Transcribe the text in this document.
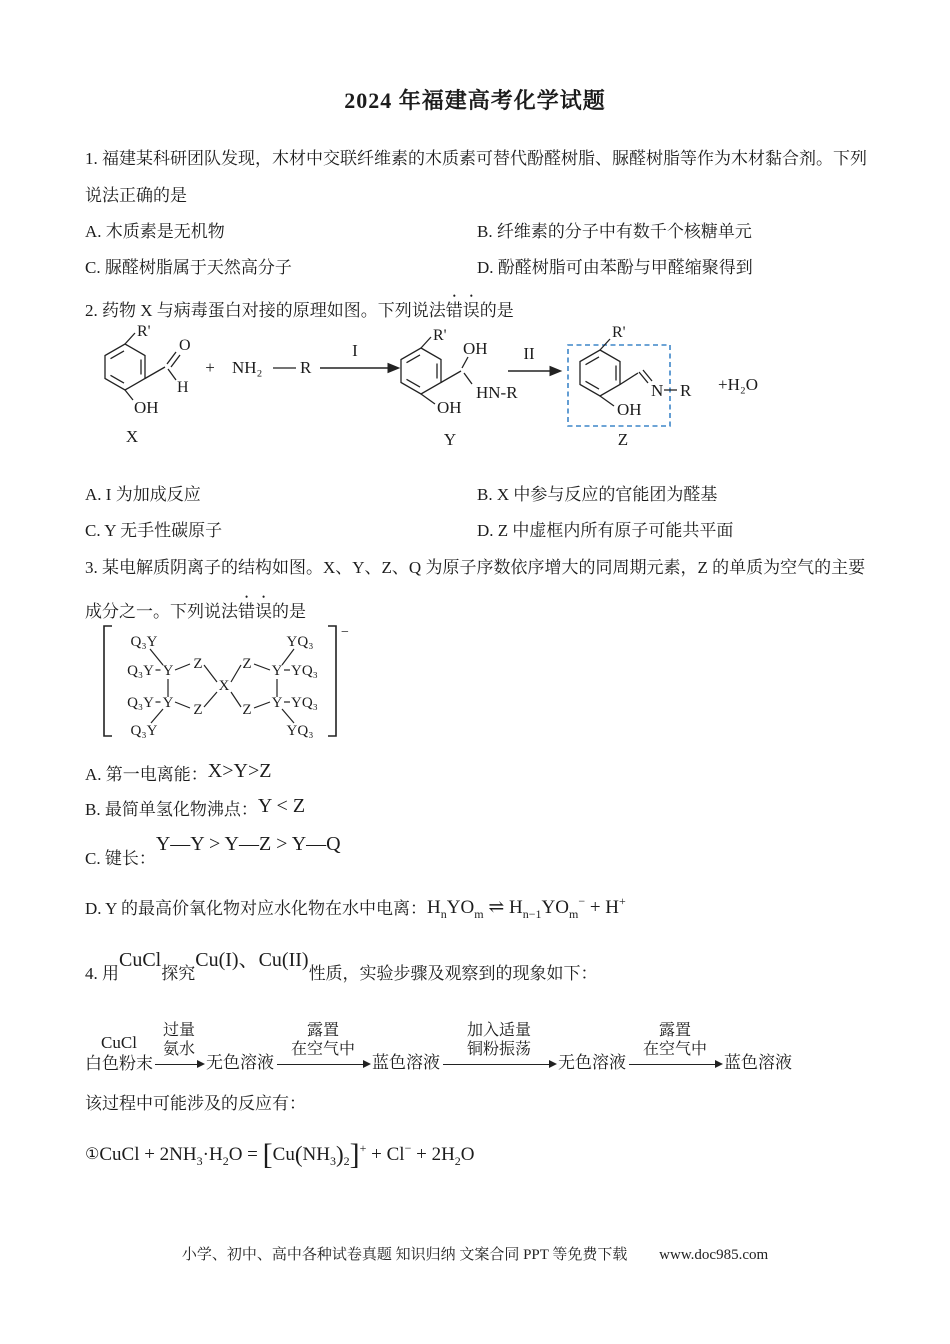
2024 年福建高考化学试题
1. 福建某科研团队发现，木材中交联纤维素的木质素可替代酚醛树脂、脲醛树脂等作为木材黏合剂。下列
说法正确的是
A. 木质素是无机物	B. 纤维素的分子中有数千个核糖单元
C. 脲醛树脂属于天然高分子	D. 酚醛树脂可由苯酚与甲醛缩聚得到
2. 药物 X 与病毒蛋白对接的原理如图。下列说法错误的是
R'
O
H
OH
X
+ NH₂ R
I
R'
OH
HN-R
OH
Y
II
R'
N R
OH
Z
+H₂O
A. I 为加成反应	B. X 中参与反应的官能团为醛基
C. Y 无手性碳原子	D. Z 中虚框内所有原子可能共平面
3. 某电解质阴离子的结构如图。X、Y、Z、Q 为原子序数依序增大的同周期元素，Z 的单质为空气的主要
成分之一。下列说法错误的是
−
Q₃Y
Q₃Y
Q₃Y
Q₃Y
Y
Y
Z
Z
X
Z
Z
Y
Y
YQ₃
YQ₃
YQ₃
YQ₃
A. 第一电离能： X>Y>Z
B. 最简单氢化物沸点： Y < Z
C. 键长：
Y—Y > Y—Z > Y—Q
D. Y 的最高价氧化物对应水化物在水中电离： $H_nYO_m$ ⇌ $H_{n-1}YO_m^- + H^+$
4. 用CuCl探究Cu(I)、Cu(II)性质，实验步骤及观察到的现象如下：
CuCl
白色粉末
过量
氨水
无色溶液
露置
在空气中
蓝色溶液
加入适量
铜粉振荡
无色溶液
露置
在空气中
蓝色溶液
该过程中可能涉及的反应有：
①CuCl + $2NH_3\cdot H_2O = [Cu(NH_3)_2]^+ + Cl^- + 2H_2O$
小学、初中、高中各种试卷真题 知识归纳 文案合同 PPT 等免费下载 www.doc985.com
